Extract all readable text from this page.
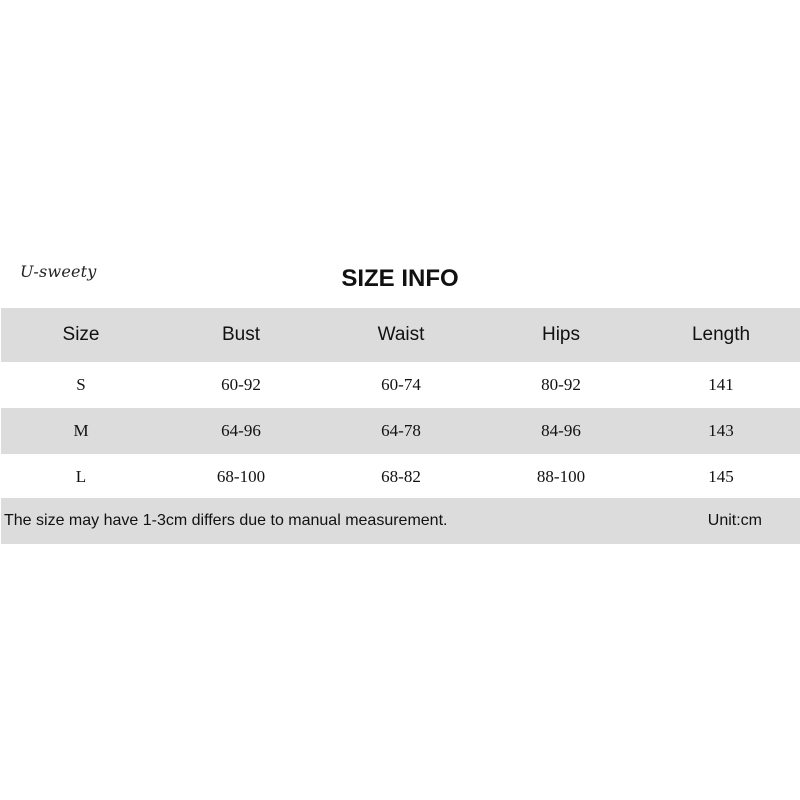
U-sweety	SIZE INFO
Size	Bust	Waist	Hips	Length
S	60-92	60-74	80-92	141
M	64-96	64-78	84-96	143
L	68-100	68-82	88-100	145
The size may have 1-3cm differs due to manual measurement.	Unit:cm
